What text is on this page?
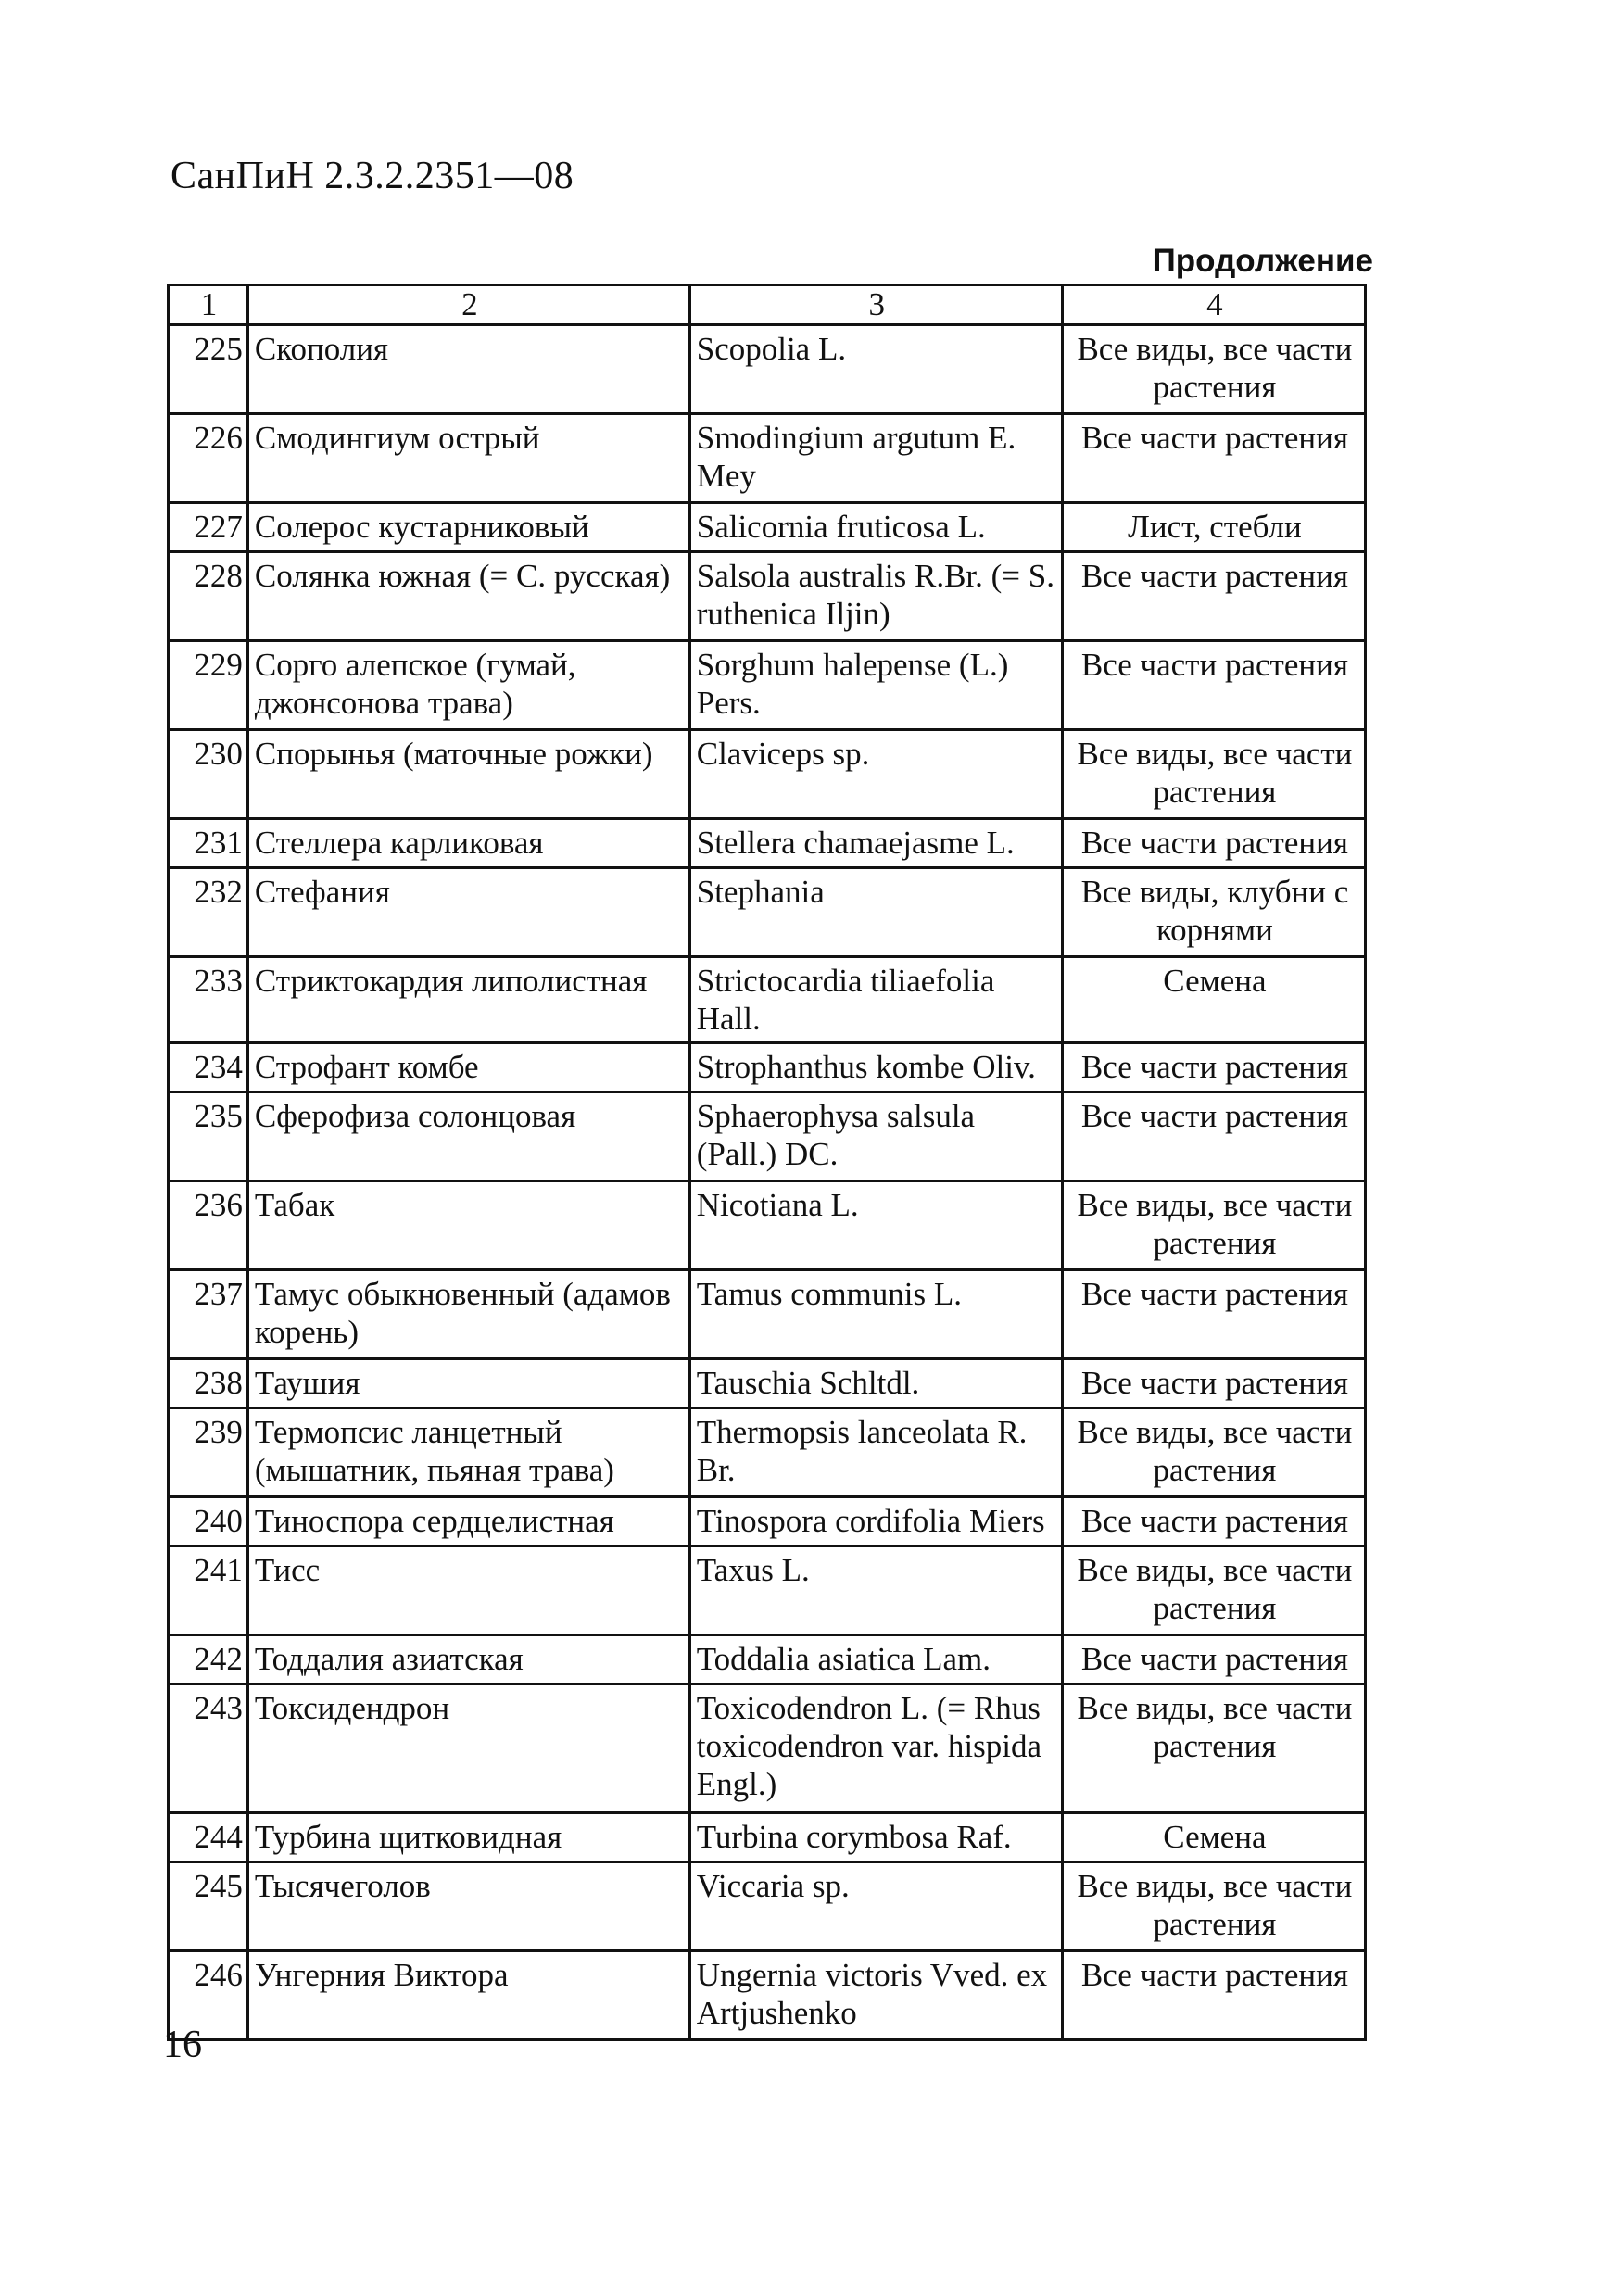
СанПиН 2.3.2.2351—08
Продолжение
1	2	3	4
225	Скополия	Scopolia L.	Все виды, все части растения
226	Смодингиум острый	Smodingium argutum E. Mey	Все части растения
227	Солерос кустарниковый	Salicornia fruticosa L.	Лист, стебли
228	Солянка южная (= С. русская)	Salsola australis R.Br. (= S. ruthenica Iljin)	Все части растения
229	Сорго алепское (гумай, джонсонова трава)	Sorghum halepense (L.) Pers.	Все части растения
230	Спорынья (маточные рожки)	Claviceps sp.	Все виды, все части растения
231	Стеллера карликовая	Stellera chamaejasme L.	Все части растения
232	Стефания	Stephania	Все виды, клубни с корнями
233	Стриктокардия липолистная	Strictocardia tiliaefolia Hall.	Семена
234	Строфант комбе	Strophanthus kombe Oliv.	Все части растения
235	Сферофиза солонцовая	Sphaerophysa salsula (Pall.) DC.	Все части растения
236	Табак	Nicotiana L.	Все виды, все части растения
237	Тамус обыкновенный (адамов корень)	Tamus communis L.	Все части растения
238	Таушия	Tauschia Schltdl.	Все части растения
239	Термопсис ланцетный (мышатник, пьяная трава)	Thermopsis lanceolata R. Br.	Все виды, все части растения
240	Тиноспора сердцелистная	Tinospora cordifolia Miers	Все части растения
241	Тисс	Taxus L.	Все виды, все части растения
242	Тоддалия азиатская	Toddalia asiatica Lam.	Все части растения
243	Токсидендрон	Toxicodendron L. (= Rhus toxicodendron var. hispida Engl.)	Все виды, все части растения
244	Турбина щитковидная	Turbina corymbosa Raf.	Семена
245	Тысячеголов	Viccaria sp.	Все виды, все части растения
246	Унгерния Виктора	Ungernia victoris Vved. ex Artjushenko	Все части растения
16
